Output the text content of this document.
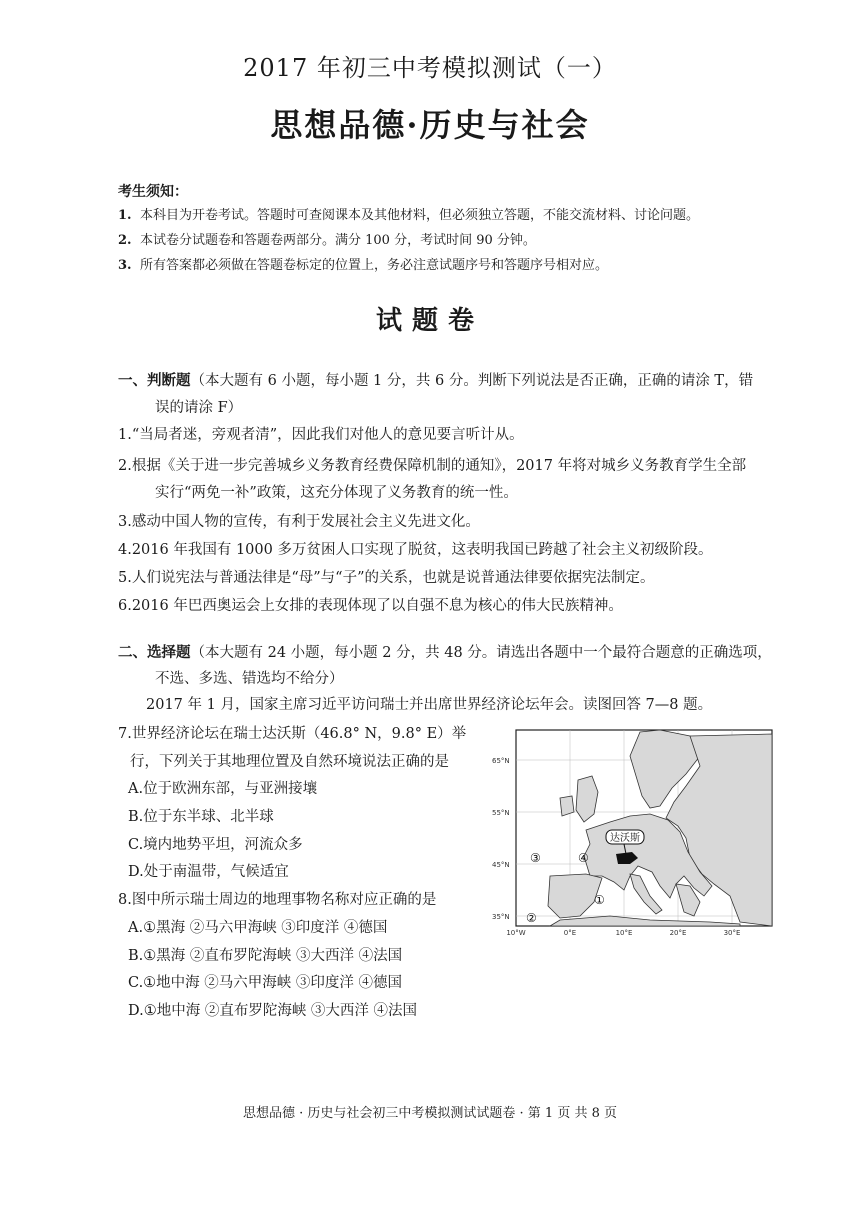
2017 年初三中考模拟测试（一）
思想品德·历史与社会
考生须知：
1. 本科目为开卷考试。答题时可查阅课本及其他材料，但必须独立答题，不能交流材料、讨论问题。
2. 本试卷分试题卷和答题卷两部分。满分 100 分，考试时间 90 分钟。
3. 所有答案都必须做在答题卷标定的位置上，务必注意试题序号和答题序号相对应。
试题卷
一、判断题（本大题有 6 小题，每小题 1 分，共 6 分。判断下列说法是否正确，正确的请涂 T，错
误的请涂 F）
1.“当局者迷，旁观者清”，因此我们对他人的意见要言听计从。
2.根据《关于进一步完善城乡义务教育经费保障机制的通知》，2017 年将对城乡义务教育学生全部
实行“两免一补”政策，这充分体现了义务教育的统一性。
3.感动中国人物的宣传，有利于发展社会主义先进文化。
4.2016 年我国有 1000 多万贫困人口实现了脱贫，这表明我国已跨越了社会主义初级阶段。
5.人们说宪法与普通法律是“母”与“子”的关系，也就是说普通法律要依据宪法制定。
6.2016 年巴西奥运会上女排的表现体现了以自强不息为核心的伟大民族精神。
二、选择题（本大题有 24 小题，每小题 2 分，共 48 分。请选出各题中一个最符合题意的正确选项，
不选、多选、错选均不给分）
2017 年 1 月，国家主席习近平访问瑞士并出席世界经济论坛年会。读图回答 7—8 题。
7.世界经济论坛在瑞士达沃斯（46.8° N，9.8° E）举
行，下列关于其地理位置及自然环境说法正确的是
A.位于欧洲东部，与亚洲接壤
B.位于东半球、北半球
C.境内地势平坦，河流众多
D.处于南温带，气候适宜
8.图中所示瑞士周边的地理事物名称对应正确的是
A.①黑海 ②马六甲海峡 ③印度洋 ④德国
B.①黑海 ②直布罗陀海峡 ③大西洋 ④法国
C.①地中海 ②马六甲海峡 ③印度洋 ④德国
D.①地中海 ②直布罗陀海峡 ③大西洋 ④法国
达沃斯
①
②
③	④
65°N
55°N
45°N
35°N
10°W	0°E	10°E	20°E	30°E
思想品德 · 历史与社会初三中考模拟测试试题卷 · 第 1 页 共 8 页
